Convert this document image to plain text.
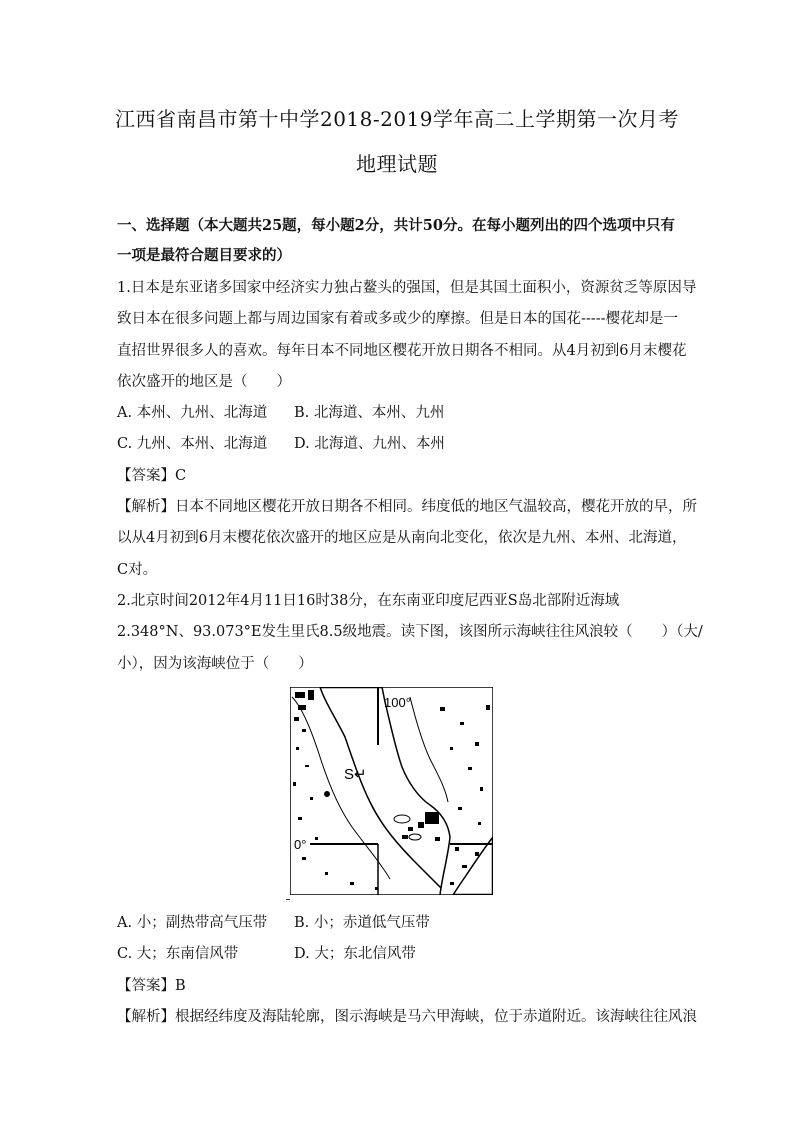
江西省南昌市第十中学2018-2019学年高二上学期第一次月考
地理试题
一、选择题（本大题共25题，每小题2分，共计50分。在每小题列出的四个选项中只有
一项是最符合题目要求的）
1.日本是东亚诸多国家中经济实力独占鳌头的强国，但是其国土面积小，资源贫乏等原因导
致日本在很多问题上都与周边国家有着或多或少的摩擦。但是日本的国花-----樱花却是一
直招世界很多人的喜欢。每年日本不同地区樱花开放日期各不相同。从4月初到6月末樱花
依次盛开的地区是（　　）
A. 本州、九州、北海道 B. 北海道、本州、九州
C. 九州、本州、北海道 D. 北海道、九州、本州
【答案】C
【解析】日本不同地区樱花开放日期各不相同。纬度低的地区气温较高，樱花开放的早，所
以从4月初到6月末樱花依次盛开的地区应是从南向北变化，依次是九州、本州、北海道，
C对。
2.北京时间2012年4月11日16时38分，在东南亚印度尼西亚S岛北部附近海域
2.348°N、93.073°E发生里氏8.5级地震。读下图，该图所示海峡往往风浪较（　　）（大/
小），因为该海峡位于（　　）
100°
S↵
0°
A. 小；副热带高气压带 B. 小；赤道低气压带
C. 大；东南信风带	D. 大；东北信风带
【答案】B
【解析】根据经纬度及海陆轮廓，图示海峡是马六甲海峡，位于赤道附近。该海峡往往风浪
